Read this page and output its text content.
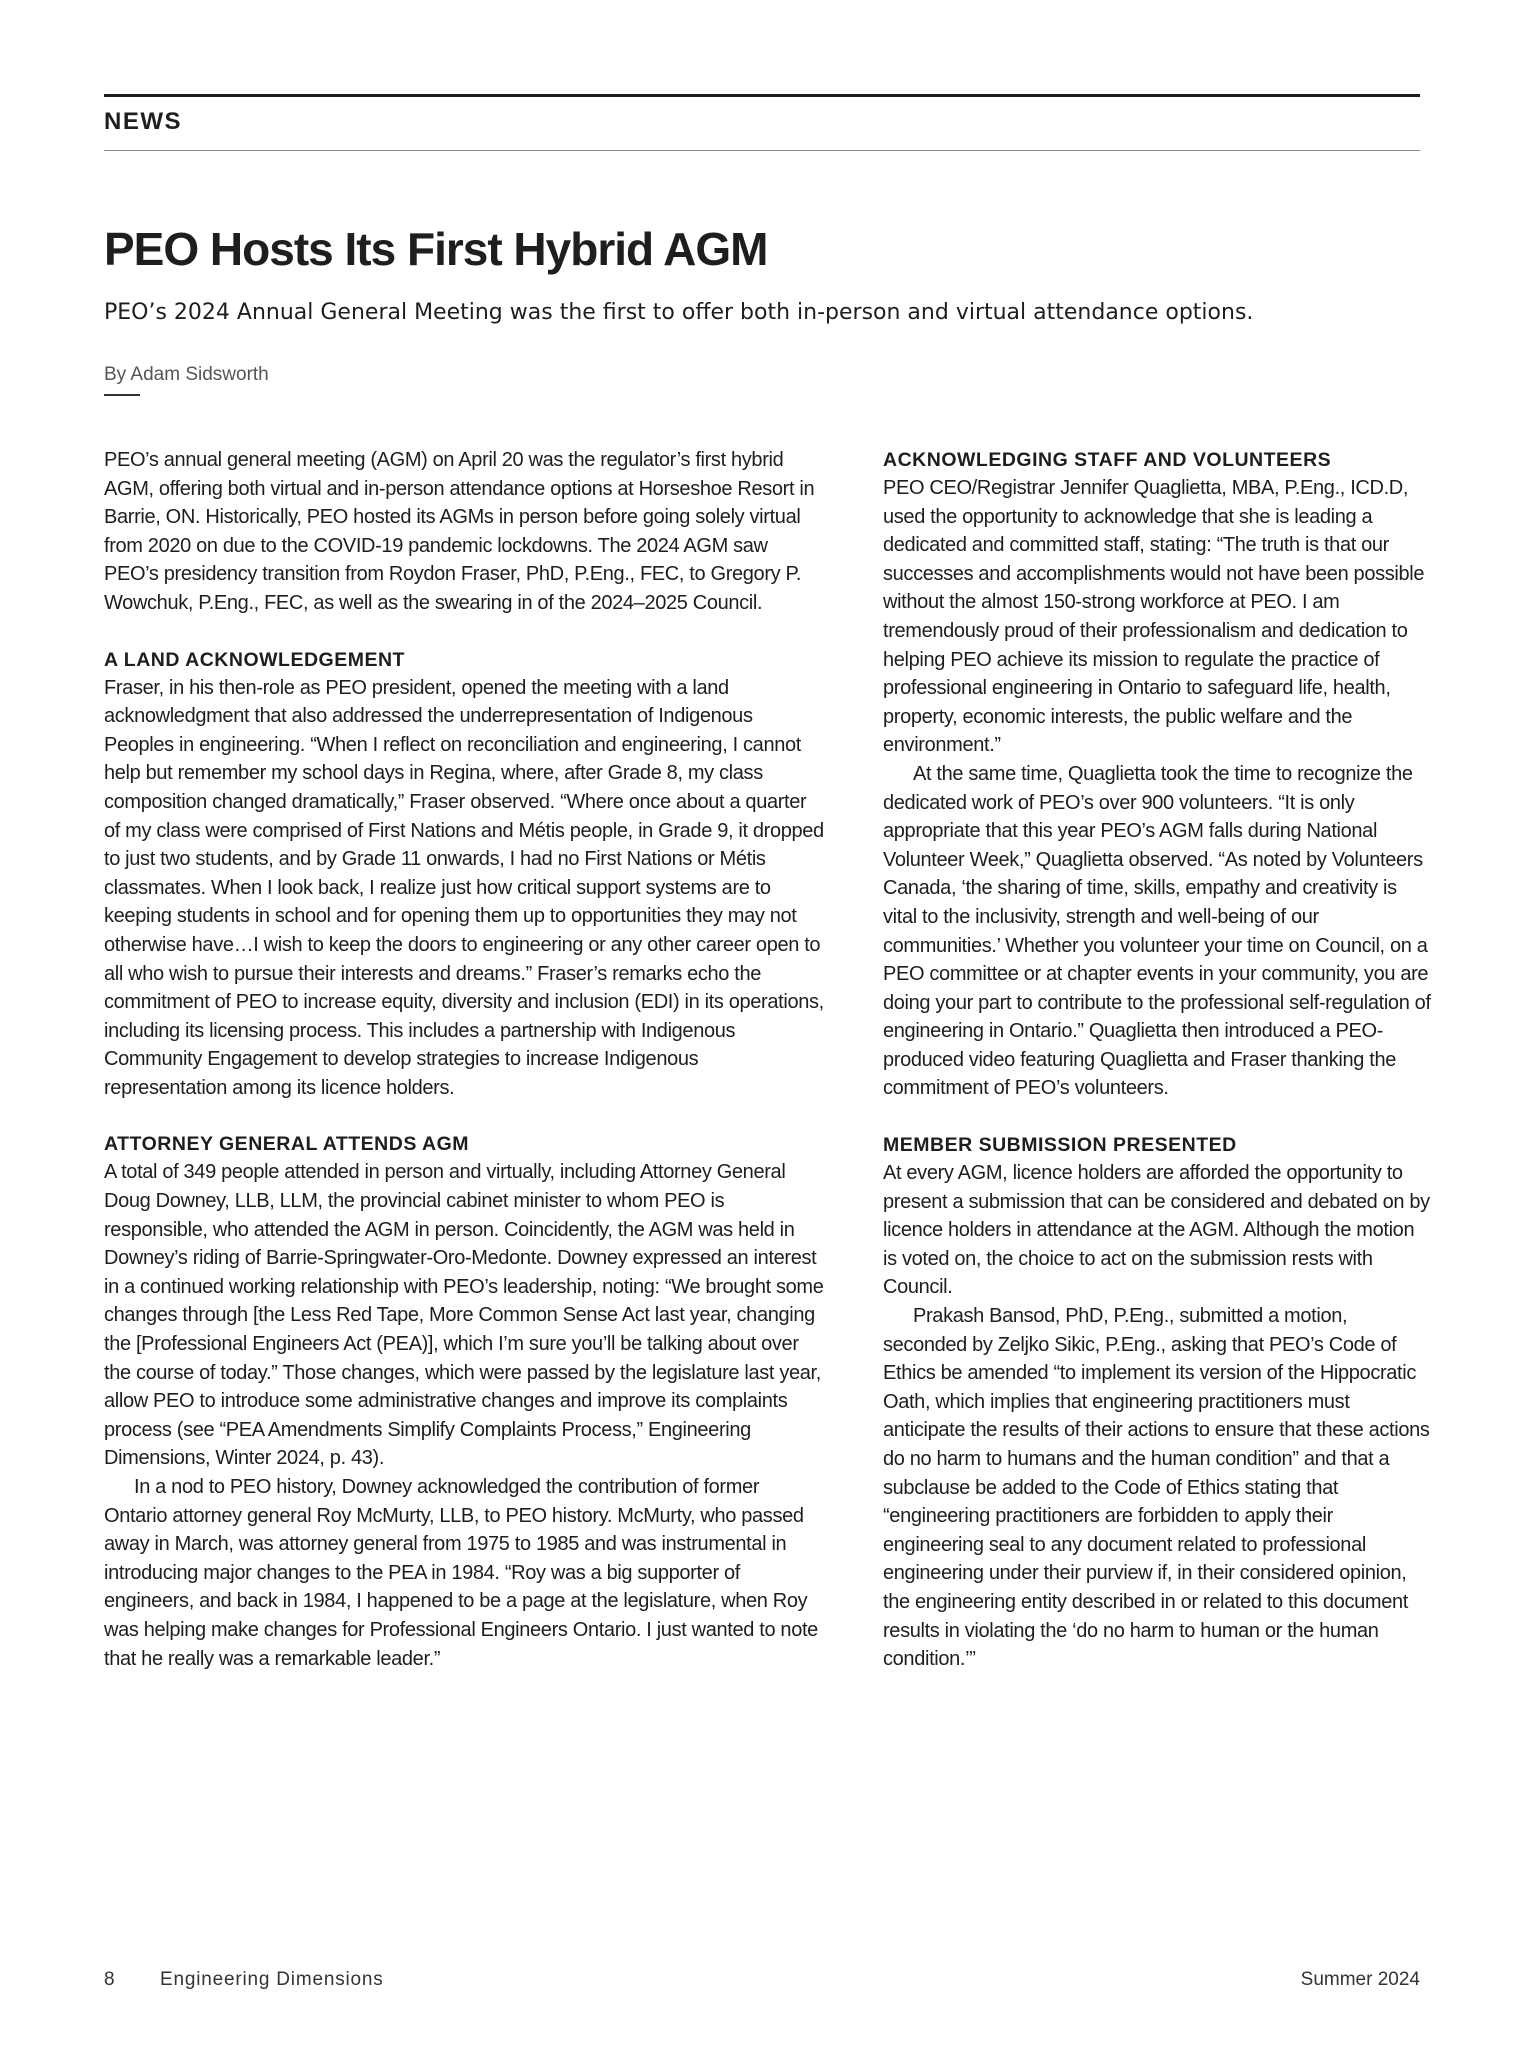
NEWS
PEO Hosts Its First Hybrid AGM

PEO’s 2024 Annual General Meeting was the first to offer both in-person and virtual attendance options.

By Adam Sidsworth

PEO’s annual general meeting (AGM) on April 20 was the regulator’s first hybrid AGM, offering both virtual and in-person attendance options at Horseshoe Resort in Barrie, ON. Historically, PEO hosted its AGMs in person before going solely virtual from 2020 on due to the COVID-19 pandemic lockdowns. The 2024 AGM saw PEO’s presidency transition from Roydon Fraser, PhD, P.Eng., FEC, to Gregory P. Wowchuk, P.Eng., FEC, as well as the swearing in of the 2024–2025 Council.

A LAND ACKNOWLEDGEMENT

Fraser, in his then-role as PEO president, opened the meeting with a land acknowledgment that also addressed the underrepresentation of Indigenous Peoples in engineering. “When I reflect on reconciliation and engineering, I cannot help but remember my school days in Regina, where, after Grade 8, my class composition changed dramatically,” Fraser observed. “Where once about a quarter of my class were comprised of First Nations and Métis people, in Grade 9, it dropped to just two students, and by Grade 11 onwards, I had no First Nations or Métis classmates. When I look back, I realize just how critical support systems are to keeping students in school and for opening them up to opportunities they may not otherwise have…I wish to keep the doors to engineering or any other career open to all who wish to pursue their interests and dreams.” Fraser’s remarks echo the commitment of PEO to increase equity, diversity and inclusion (EDI) in its operations, including its licensing process. This includes a partnership with Indigenous Community Engagement to develop strategies to increase Indigenous representation among its licence holders.

ATTORNEY GENERAL ATTENDS AGM

A total of 349 people attended in person and virtually, including Attorney General Doug Downey, LLB, LLM, the provincial cabinet minister to whom PEO is responsible, who attended the AGM in person. Coincidently, the AGM was held in Downey’s riding of Barrie-Springwater-Oro-Medonte. Downey expressed an interest in a continued working relationship with PEO’s leadership, noting: “We brought some changes through [the Less Red Tape, More Common Sense Act last year, changing the [Professional Engineers Act (PEA)], which I’m sure you’ll be talking about over the course of today.” Those changes, which were passed by the legislature last year, allow PEO to introduce some administrative changes and improve its complaints process (see “PEA Amendments Simplify Complaints Process,” Engineering Dimensions, Winter 2024, p. 43).

In a nod to PEO history, Downey acknowledged the contribution of former Ontario attorney general Roy McMurty, LLB, to PEO history. McMurty, who passed away in March, was attorney general from 1975 to 1985 and was instrumental in introducing major changes to the PEA in 1984. “Roy was a big supporter of engineers, and back in 1984, I happened to be a page at the legislature, when Roy was helping make changes for Professional Engineers Ontario. I just wanted to note that he really was a remarkable leader.”

ACKNOWLEDGING STAFF AND VOLUNTEERS

PEO CEO/Registrar Jennifer Quaglietta, MBA, P.Eng., ICD.D, used the opportunity to acknowledge that she is leading a dedicated and committed staff, stating: “The truth is that our successes and accomplishments would not have been possible without the almost 150-strong workforce at PEO. I am tremendously proud of their professionalism and dedication to helping PEO achieve its mission to regulate the practice of professional engineering in Ontario to safeguard life, health, property, economic interests, the public welfare and the environment.”

At the same time, Quaglietta took the time to recognize the dedicated work of PEO’s over 900 volunteers. “It is only appropriate that this year PEO’s AGM falls during National Volunteer Week,” Quaglietta observed. “As noted by Volunteers Canada, ‘the sharing of time, skills, empathy and creativity is vital to the inclusivity, strength and well-being of our communities.’ Whether you volunteer your time on Council, on a PEO committee or at chapter events in your community, you are doing your part to contribute to the professional self-regulation of engineering in Ontario.” Quaglietta then introduced a PEO-produced video featuring Quaglietta and Fraser thanking the commitment of PEO’s volunteers.

MEMBER SUBMISSION PRESENTED

At every AGM, licence holders are afforded the opportunity to present a submission that can be considered and debated on by licence holders in attendance at the AGM. Although the motion is voted on, the choice to act on the submission rests with Council.

Prakash Bansod, PhD, P.Eng., submitted a motion, seconded by Zeljko Sikic, P.Eng., asking that PEO’s Code of Ethics be amended “to implement its version of the Hippocratic Oath, which implies that engineering practitioners must anticipate the results of their actions to ensure that these actions do no harm to humans and the human condition” and that a subclause be added to the Code of Ethics stating that “engineering practitioners are forbidden to apply their engineering seal to any document related to professional engineering under their purview if, in their considered opinion, the engineering entity described in or related to this document results in violating the ‘do no harm to human or the human condition.’”

8 Engineering Dimensions	Summer 2024
